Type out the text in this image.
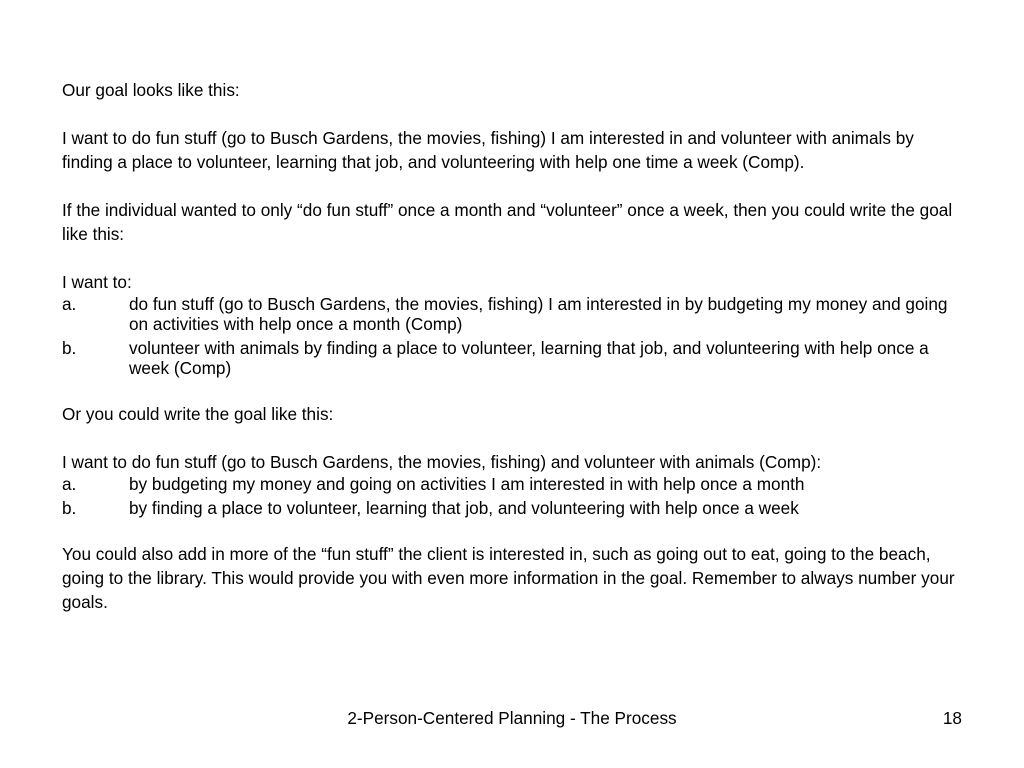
Our goal looks like this:

I want to do fun stuff (go to Busch Gardens, the movies, fishing) I am interested in and volunteer with animals by finding a place to volunteer, learning that job, and volunteering with help one time a week (Comp).

If the individual wanted to only “do fun stuff” once a month and “volunteer” once a week, then you could write the goal like this:

I want to:

a.	do fun stuff (go to Busch Gardens, the movies, fishing) I am interested in by budgeting my money and going on activities with help once a month (Comp)
b.	volunteer with animals by finding a place to volunteer, learning that job, and volunteering with help once a week (Comp)

Or you could write the goal like this:

I want to do fun stuff (go to Busch Gardens, the movies, fishing) and volunteer with animals (Comp):

a.	by budgeting my money and going on activities I am interested in with help once a month
b.	by finding a place to volunteer, learning that job, and volunteering with help once a week

You could also add in more of the “fun stuff” the client is interested in, such as going out to eat, going to the beach, going to the library. This would provide you with even more information in the goal. Remember to always number your goals.

2-Person-Centered Planning - The Process	18
